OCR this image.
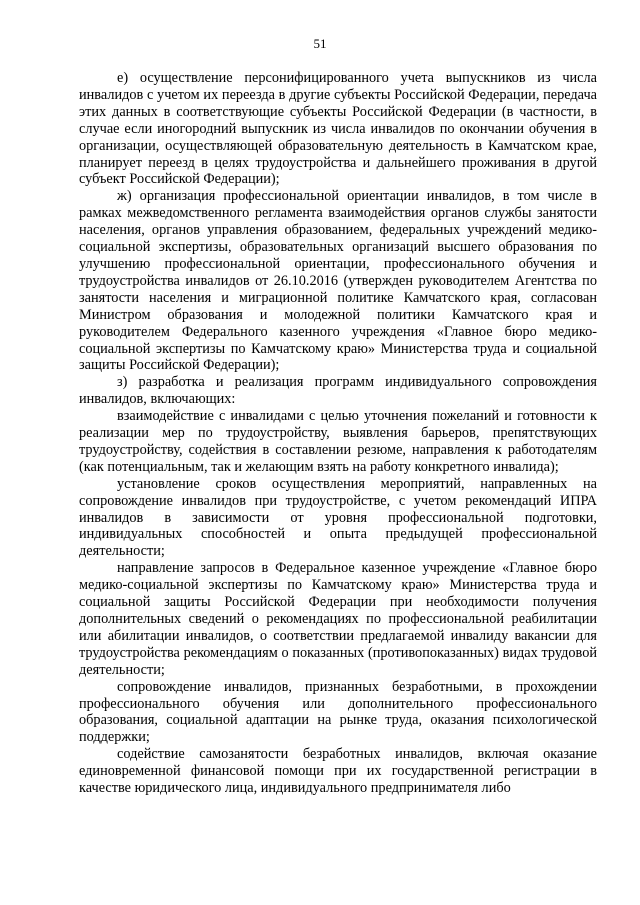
51

е) осуществление персонифицированного учета выпускников из числа инвалидов с учетом их переезда в другие субъекты Российской Федерации, передача этих данных в соответствующие субъекты Российской Федерации (в частности, в случае если иногородний выпускник из числа инвалидов по окончании обучения в организации, осуществляющей образовательную деятельность в Камчатском крае, планирует переезд в целях трудоустройства и дальнейшего проживания в другой субъект Российской Федерации);

ж) организация профессиональной ориентации инвалидов, в том числе в рамках межведомственного регламента взаимодействия органов службы занятости населения, органов управления образованием, федеральных учреждений медико-социальной экспертизы, образовательных организаций высшего образования по улучшению профессиональной ориентации, профессионального обучения и трудоустройства инвалидов от 26.10.2016 (утвержден руководителем Агентства по занятости населения и миграционной политике Камчатского края, согласован Министром образования и молодежной политики Камчатского края и руководителем Федерального казенного учреждения «Главное бюро медико-социальной экспертизы по Камчатскому краю» Министерства труда и социальной защиты Российской Федерации);

з) разработка и реализация программ индивидуального сопровождения инвалидов, включающих:

взаимодействие с инвалидами с целью уточнения пожеланий и готовности к реализации мер по трудоустройству, выявления барьеров, препятствующих трудоустройству, содействия в составлении резюме, направления к работодателям (как потенциальным, так и желающим взять на работу конкретного инвалида);

установление сроков осуществления мероприятий, направленных на сопровождение инвалидов при трудоустройстве, с учетом рекомендаций ИПРА инвалидов в зависимости от уровня профессиональной подготовки, индивидуальных способностей и опыта предыдущей профессиональной деятельности;

направление запросов в Федеральное казенное учреждение «Главное бюро медико-социальной экспертизы по Камчатскому краю» Министерства труда и социальной защиты Российской Федерации при необходимости получения дополнительных сведений о рекомендациях по профессиональной реабилитации или абилитации инвалидов, о соответствии предлагаемой инвалиду вакансии для трудоустройства рекомендациям о показанных (противопоказанных) видах трудовой деятельности;

сопровождение инвалидов, признанных безработными, в прохождении профессионального обучения или дополнительного профессионального образования, социальной адаптации на рынке труда, оказания психологической поддержки;

содействие самозанятости безработных инвалидов, включая оказание единовременной финансовой помощи при их государственной регистрации в качестве юридического лица, индивидуального предпринимателя либо
